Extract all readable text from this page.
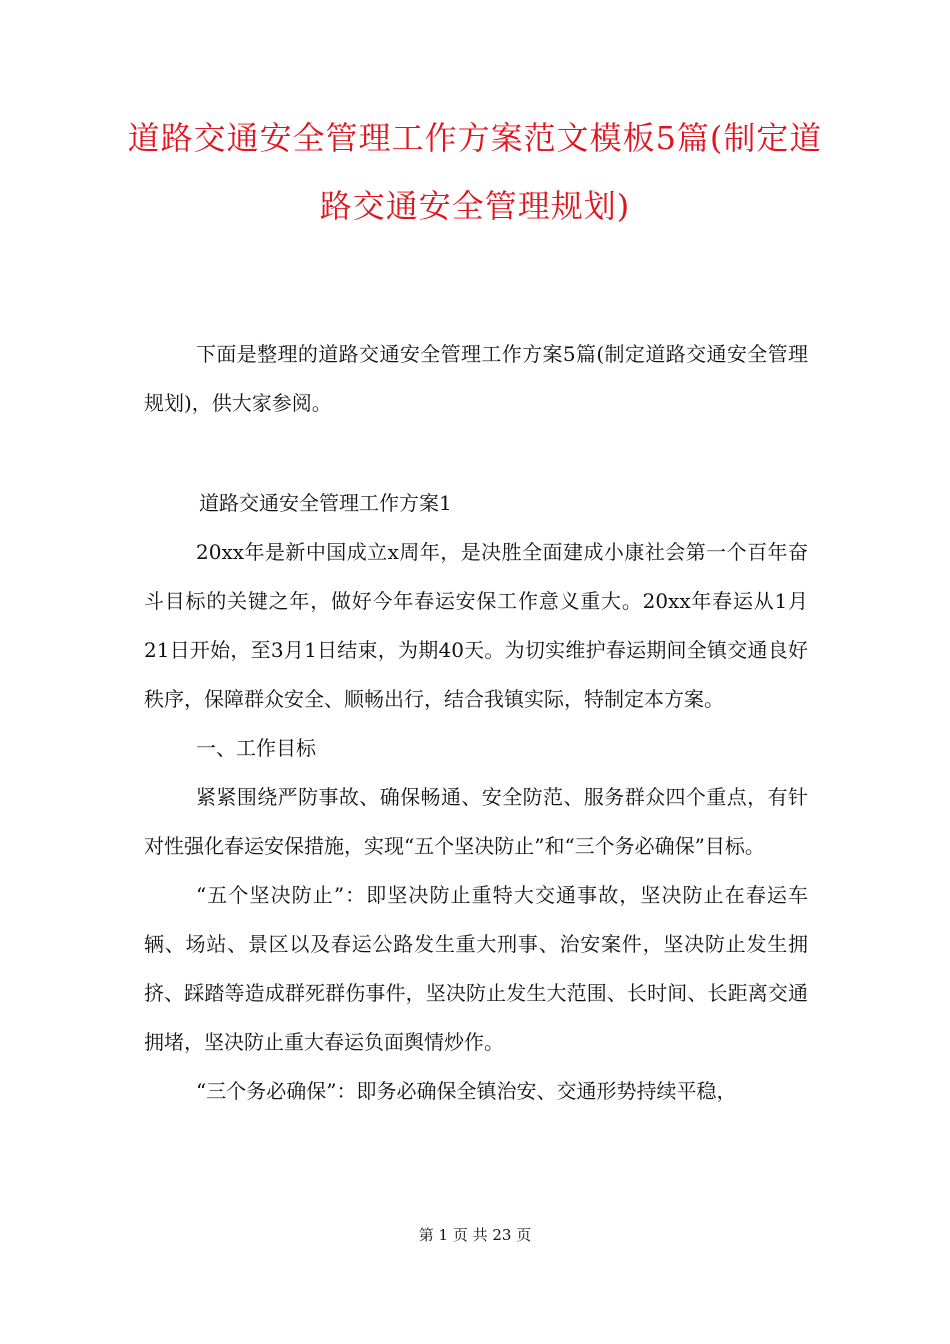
道路交通安全管理工作方案范文模板5篇(制定道路交通安全管理规划)

下面是整理的道路交通安全管理工作方案5篇(制定道路交通安全管理规划)，供大家参阅。

道路交通安全管理工作方案1

20xx年是新中国成立x周年，是决胜全面建成小康社会第一个百年奋斗目标的关键之年，做好今年春运安保工作意义重大。20xx年春运从1月21日开始，至3月1日结束，为期40天。为切实维护春运期间全镇交通良好秩序，保障群众安全、顺畅出行，结合我镇实际，特制定本方案。

一、工作目标

紧紧围绕严防事故、确保畅通、安全防范、服务群众四个重点，有针对性强化春运安保措施，实现“五个坚决防止”和“三个务必确保”目标。

“五个坚决防止”：即坚决防止重特大交通事故，坚决防止在春运车辆、场站、景区以及春运公路发生重大刑事、治安案件，坚决防止发生拥挤、踩踏等造成群死群伤事件，坚决防止发生大范围、长时间、长距离交通拥堵，坚决防止重大春运负面舆情炒作。

“三个务必确保”：即务必确保全镇治安、交通形势持续平稳，

第 1 页 共 23 页
